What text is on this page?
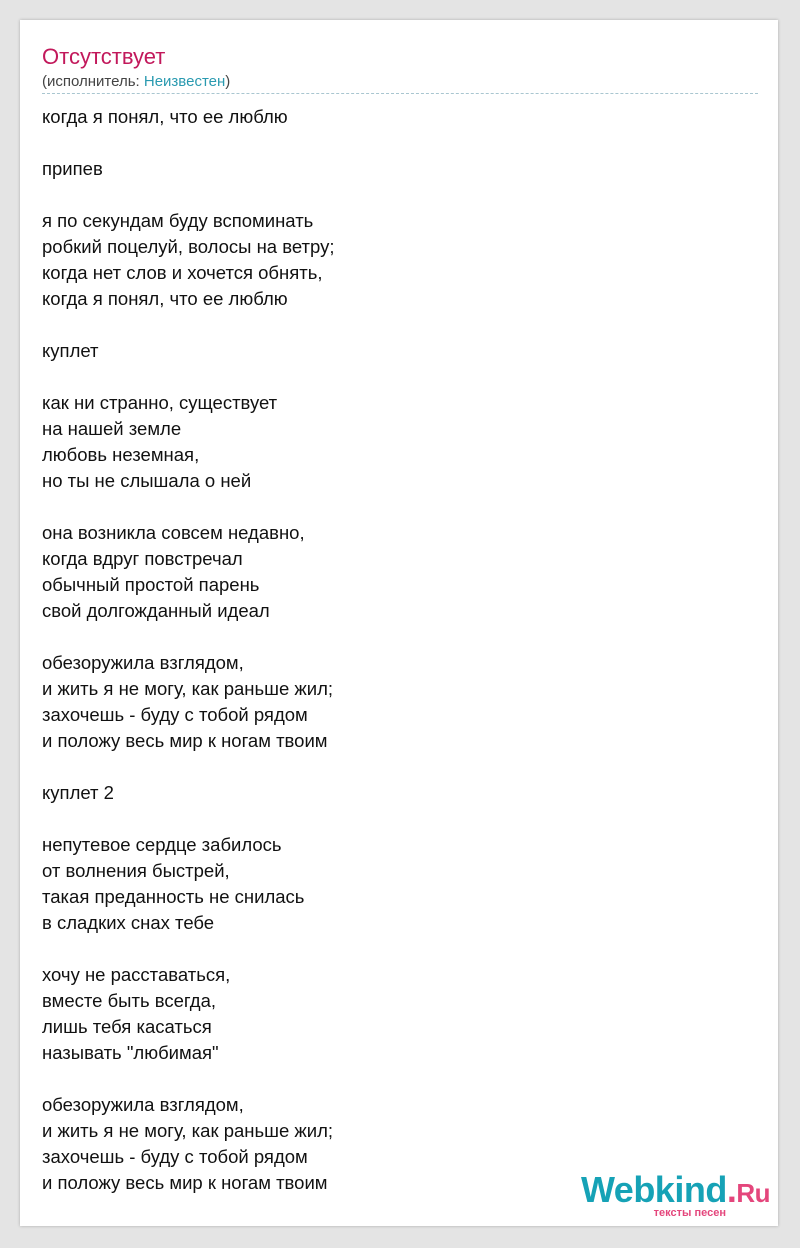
Отсутствует
(исполнитель: Неизвестен)
когда я понял, что ее люблю
припев
я по секундам буду вспоминать
робкий поцелуй, волосы на ветру;
когда нет слов и хочется обнять,
когда я понял, что ее люблю
куплет
как ни странно, существует
на нашей земле
любовь неземная,
но ты не слышала о ней
она возникла совсем недавно,
когда вдруг повстречал
обычный простой парень
свой долгожданный идеал
обезоружила взглядом,
и жить я не могу, как раньше жил;
захочешь - буду с тобой рядом
и положу весь мир к ногам твоим
куплет 2
непутевое сердце забилось
от волнения быстрей,
такая преданность не снилась
в сладких снах тебе
хочу не расставаться,
вместе быть всегда,
лишь тебя касаться
называть "любимая"
обезоружила взглядом,
и жить я не могу, как раньше жил;
захочешь - буду с тобой рядом
и положу весь мир к ногам твоим	Webkind.Ru
тексты песен
